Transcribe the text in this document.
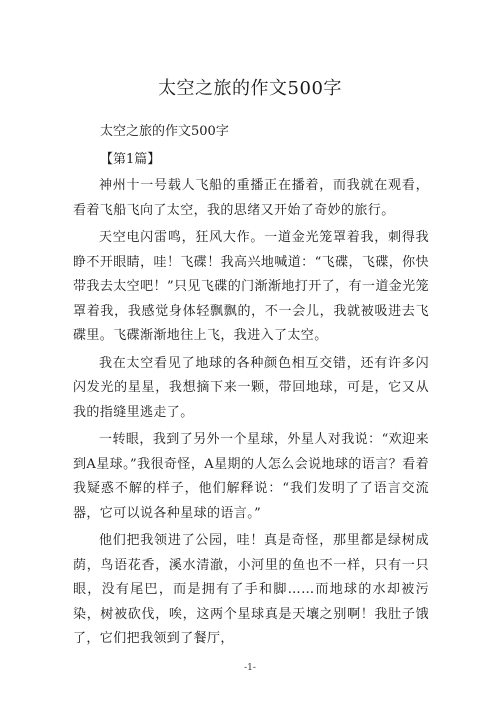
太空之旅的作文500字
太空之旅的作文500字
【第1篇】

神州十一号载人飞船的重播正在播着，而我就在观看，看着飞船飞向了太空，我的思绪又开始了奇妙的旅行。

天空电闪雷鸣，狂风大作。一道金光笼罩着我，刺得我睁不开眼睛，哇！飞碟！我高兴地喊道：“飞碟，飞碟，你快带我去太空吧！”只见飞碟的门渐渐地打开了，有一道金光笼罩着我，我感觉身体轻飘飘的，不一会儿，我就被吸进去飞碟里。飞碟渐渐地往上飞，我进入了太空。

我在太空看见了地球的各种颜色相互交错，还有许多闪闪发光的星星，我想摘下来一颗，带回地球，可是，它又从我的指缝里逃走了。

一转眼，我到了另外一个星球，外星人对我说：“欢迎来到A星球。”我很奇怪，A星期的人怎么会说地球的语言？看着我疑惑不解的样子，他们解释说：“我们发明了了语言交流器，它可以说各种星球的语言。”

他们把我领进了公园，哇！真是奇怪，那里都是绿树成荫，鸟语花香，溪水清澈，小河里的鱼也不一样，只有一只眼，没有尾巴，而是拥有了手和脚……而地球的水却被污染，树被砍伐，唉，这两个星球真是天壤之别啊！我肚子饿了，它们把我领到了餐厅，

-1-
